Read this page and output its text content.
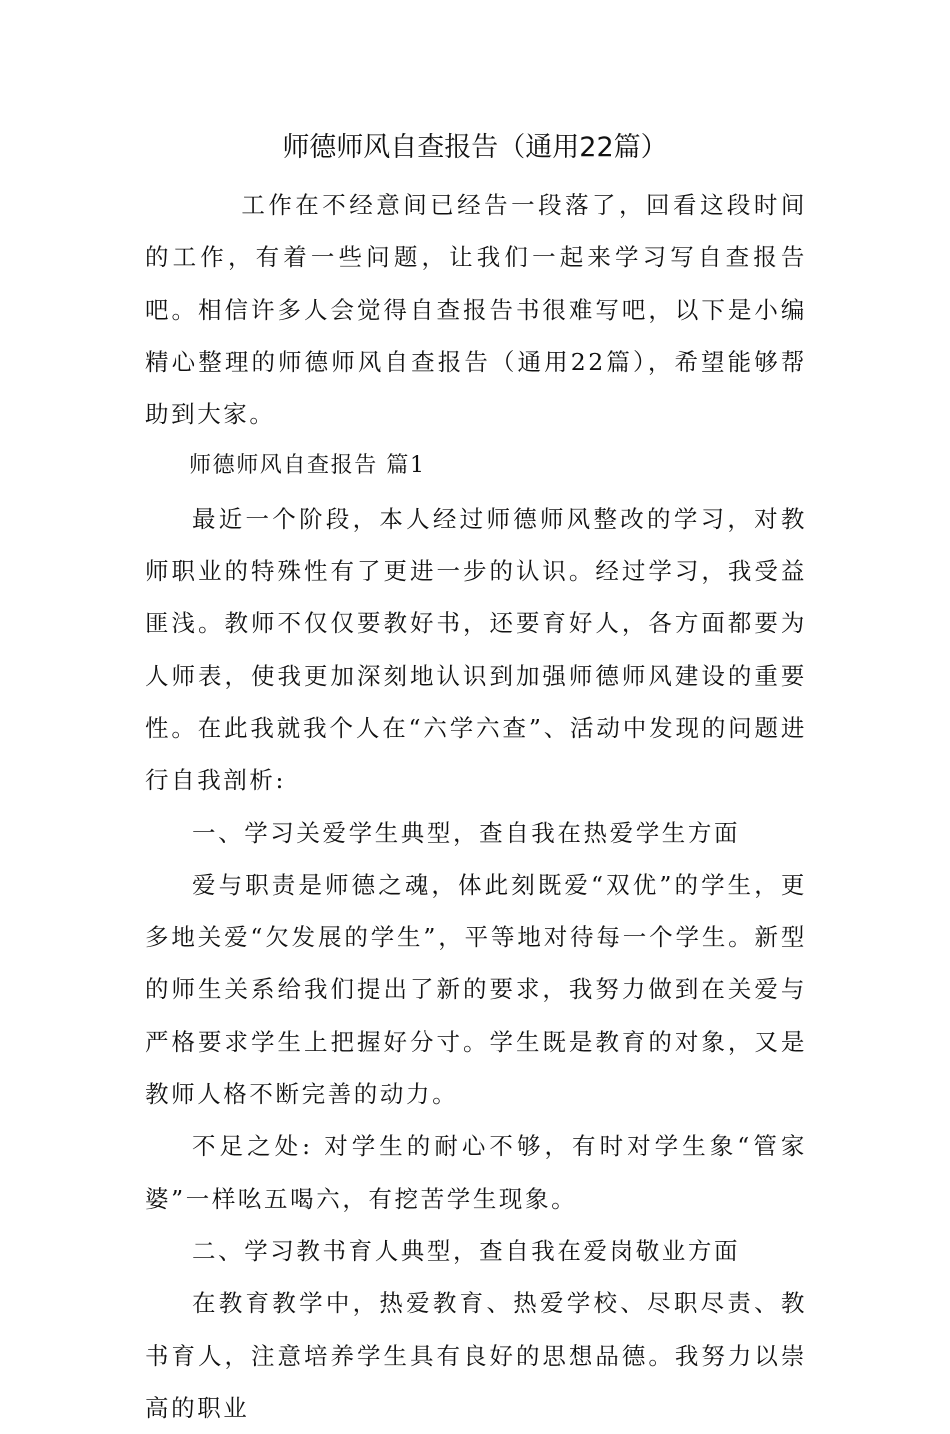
师德师风自查报告（通用22篇）

工作在不经意间已经告一段落了，回看这段时间的工作，有着一些问题，让我们一起来学习写自查报告吧。相信许多人会觉得自查报告书很难写吧，以下是小编精心整理的师德师风自查报告（通用22篇），希望能够帮助到大家。

师德师风自查报告 篇1

最近一个阶段，本人经过师德师风整改的学习，对教师职业的特殊性有了更进一步的认识。经过学习，我受益匪浅。教师不仅仅要教好书，还要育好人，各方面都要为人师表，使我更加深刻地认识到加强师德师风建设的重要性。在此我就我个人在“六学六查”、活动中发现的问题进行自我剖析:

一、学习关爱学生典型，查自我在热爱学生方面

爱与职责是师德之魂，体此刻既爱“双优”的学生，更多地关爱“欠发展的学生”，平等地对待每一个学生。新型的师生关系给我们提出了新的要求，我努力做到在关爱与严格要求学生上把握好分寸。学生既是教育的对象，又是教师人格不断完善的动力。

不足之处: 对学生的耐心不够，有时对学生象“管家婆”一样吆五喝六，有挖苦学生现象。

二、学习教书育人典型，查自我在爱岗敬业方面

在教育教学中，热爱教育、热爱学校、尽职尽责、教书育人，注意培养学生具有良好的思想品德。我努力以崇高的职业
